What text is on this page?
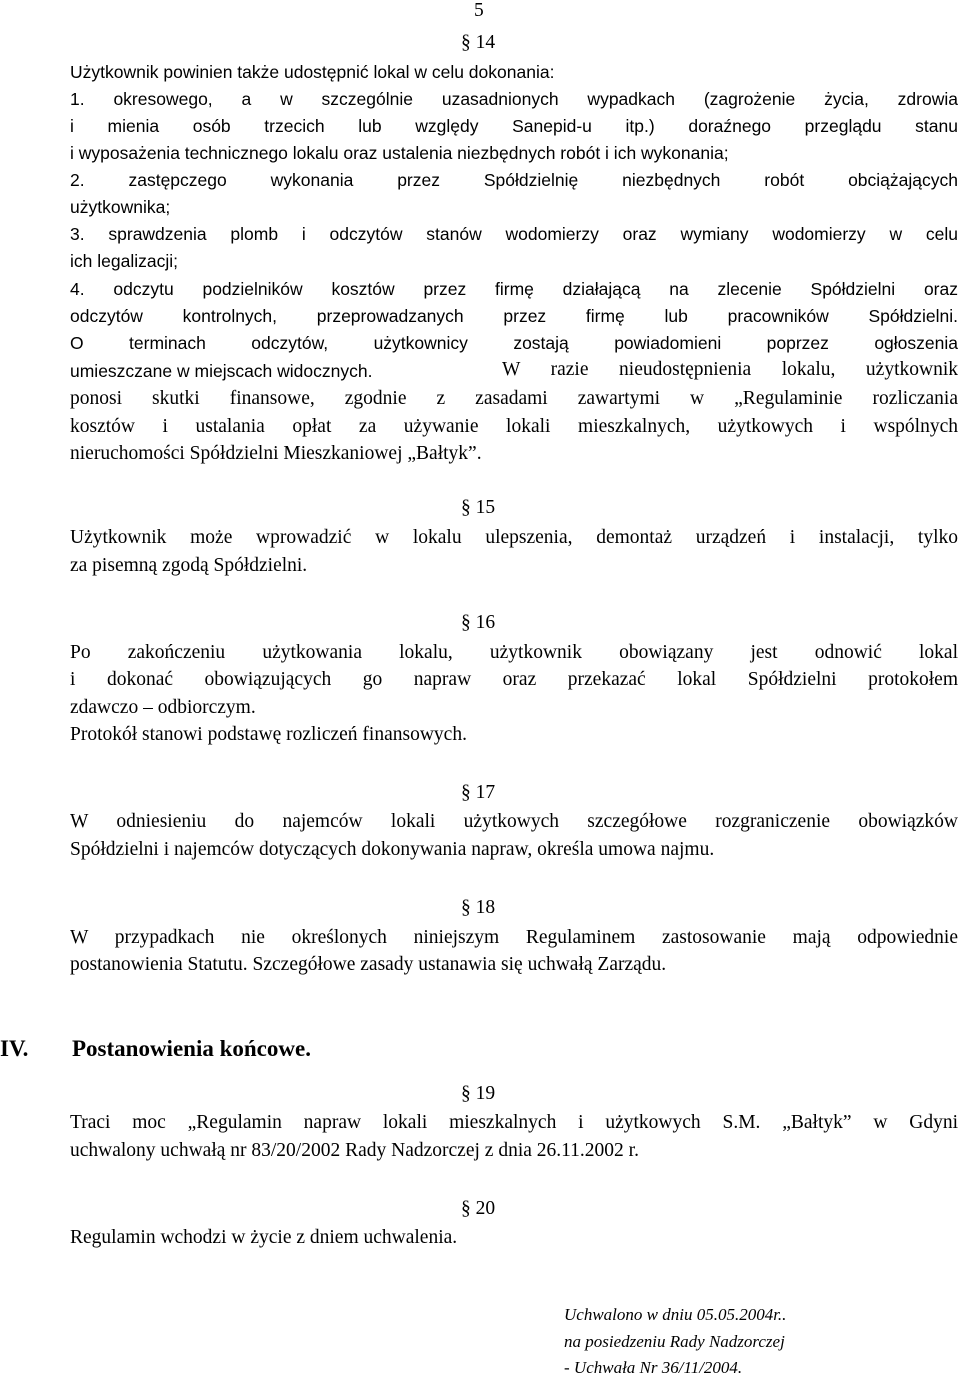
5
§ 14
Użytkownik powinien także udostępnić lokal w celu dokonania:
1. okresowego, a w szczególnie uzasadnionych wypadkach (zagrożenie życia, zdrowia
i mienia osób trzecich lub względy Sanepid-u itp.) doraźnego przeglądu stanu
i wyposażenia technicznego lokalu oraz ustalenia niezbędnych robót i ich wykonania;
2. zastępczego wykonania przez Spółdzielnię niezbędnych robót obciążających
użytkownika;
3. sprawdzenia plomb i odczytów stanów wodomierzy oraz wymiany wodomierzy w celu
ich legalizacji;
4. odczytu podzielników kosztów przez firmę działającą na zlecenie Spółdzielni oraz
odczytów kontrolnych, przeprowadzanych przez firmę lub pracowników Spółdzielni.
O terminach odczytów, użytkownicy zostają powiadomieni poprzez ogłoszenia
umieszczane w miejscach widocznych.	W razie nieudostępnienia lokalu, użytkownik
ponosi skutki finansowe, zgodnie z zasadami zawartymi w „Regulaminie rozliczania
kosztów i ustalania opłat za używanie lokali mieszkalnych, użytkowych i wspólnych
nieruchomości Spółdzielni Mieszkaniowej „Bałtyk”.
§ 15
Użytkownik może wprowadzić w lokalu ulepszenia, demontaż urządzeń i instalacji, tylko
za pisemną zgodą Spółdzielni.
§ 16
Po zakończeniu użytkowania lokalu, użytkownik obowiązany jest odnowić lokal
i dokonać obowiązujących go napraw oraz przekazać lokal Spółdzielni protokołem
zdawczo – odbiorczym.
Protokół stanowi podstawę rozliczeń finansowych.
§ 17
W odniesieniu do najemców lokali użytkowych szczegółowe rozgraniczenie obowiązków
Spółdzielni i najemców dotyczących dokonywania napraw, określa umowa najmu.
§ 18
W przypadkach nie określonych niniejszym Regulaminem zastosowanie mają odpowiednie
postanowienia Statutu. Szczegółowe zasady ustanawia się uchwałą Zarządu.
IV. Postanowienia końcowe.
§ 19
Traci moc „Regulamin napraw lokali mieszkalnych i użytkowych S.M. „Bałtyk” w Gdyni
uchwalony uchwałą nr 83/20/2002 Rady Nadzorczej z dnia 26.11.2002 r.
§ 20
Regulamin wchodzi w życie z dniem uchwalenia.
Uchwalono w dniu 05.05.2004r..
na posiedzeniu Rady Nadzorczej
- Uchwała Nr 36/11/2004.
